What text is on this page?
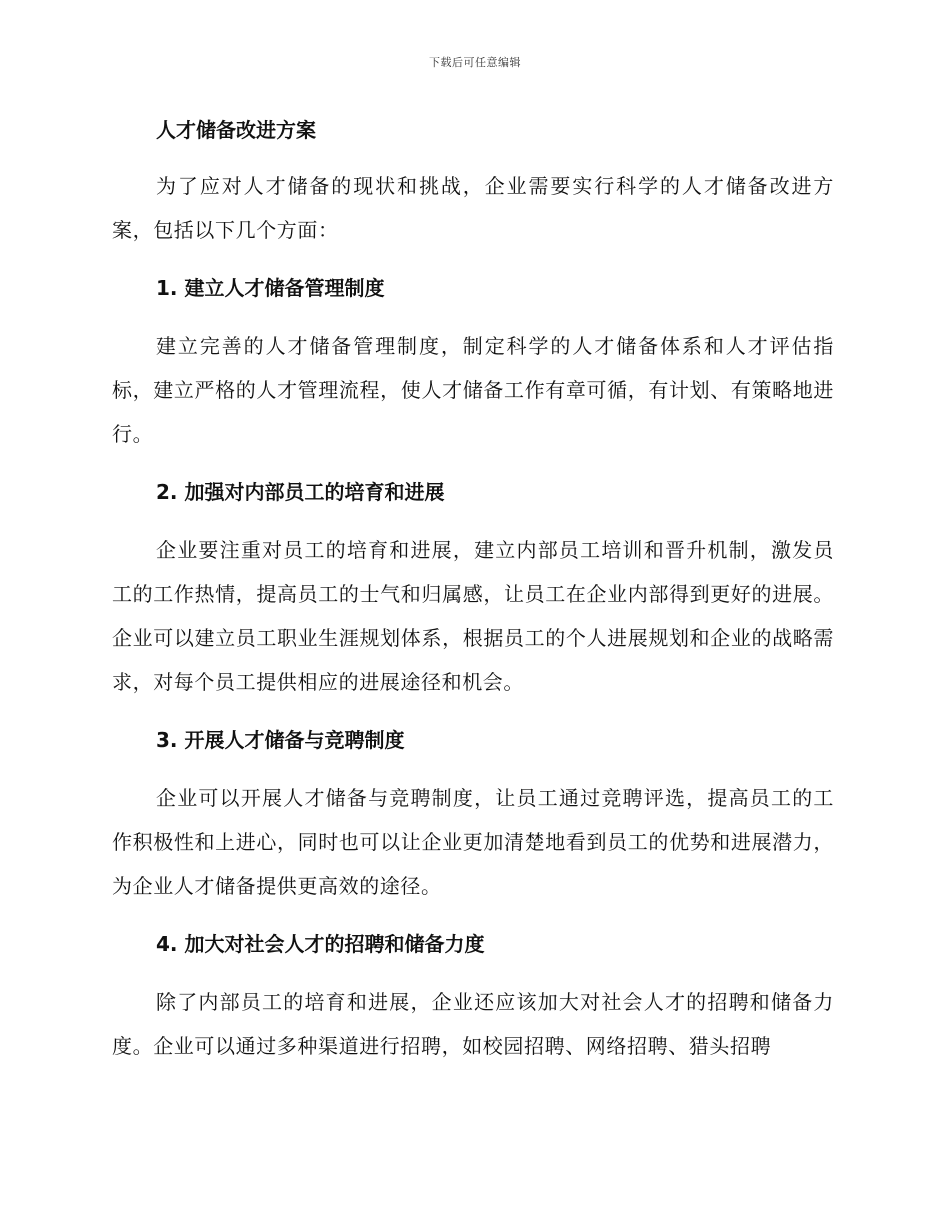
下载后可任意编辑
人才储备改进方案

为了应对人才储备的现状和挑战，企业需要实行科学的人才储备改进方案，包括以下几个方面：

1. 建立人才储备管理制度

建立完善的人才储备管理制度，制定科学的人才储备体系和人才评估指标，建立严格的人才管理流程，使人才储备工作有章可循，有计划、有策略地进行。

2. 加强对内部员工的培育和进展

企业要注重对员工的培育和进展，建立内部员工培训和晋升机制，激发员工的工作热情，提高员工的士气和归属感，让员工在企业内部得到更好的进展。企业可以建立员工职业生涯规划体系，根据员工的个人进展规划和企业的战略需求，对每个员工提供相应的进展途径和机会。

3. 开展人才储备与竞聘制度

企业可以开展人才储备与竞聘制度，让员工通过竞聘评选，提高员工的工作积极性和上进心，同时也可以让企业更加清楚地看到员工的优势和进展潜力，为企业人才储备提供更高效的途径。

4. 加大对社会人才的招聘和储备力度

除了内部员工的培育和进展，企业还应该加大对社会人才的招聘和储备力度。企业可以通过多种渠道进行招聘，如校园招聘、网络招聘、猎头招聘
